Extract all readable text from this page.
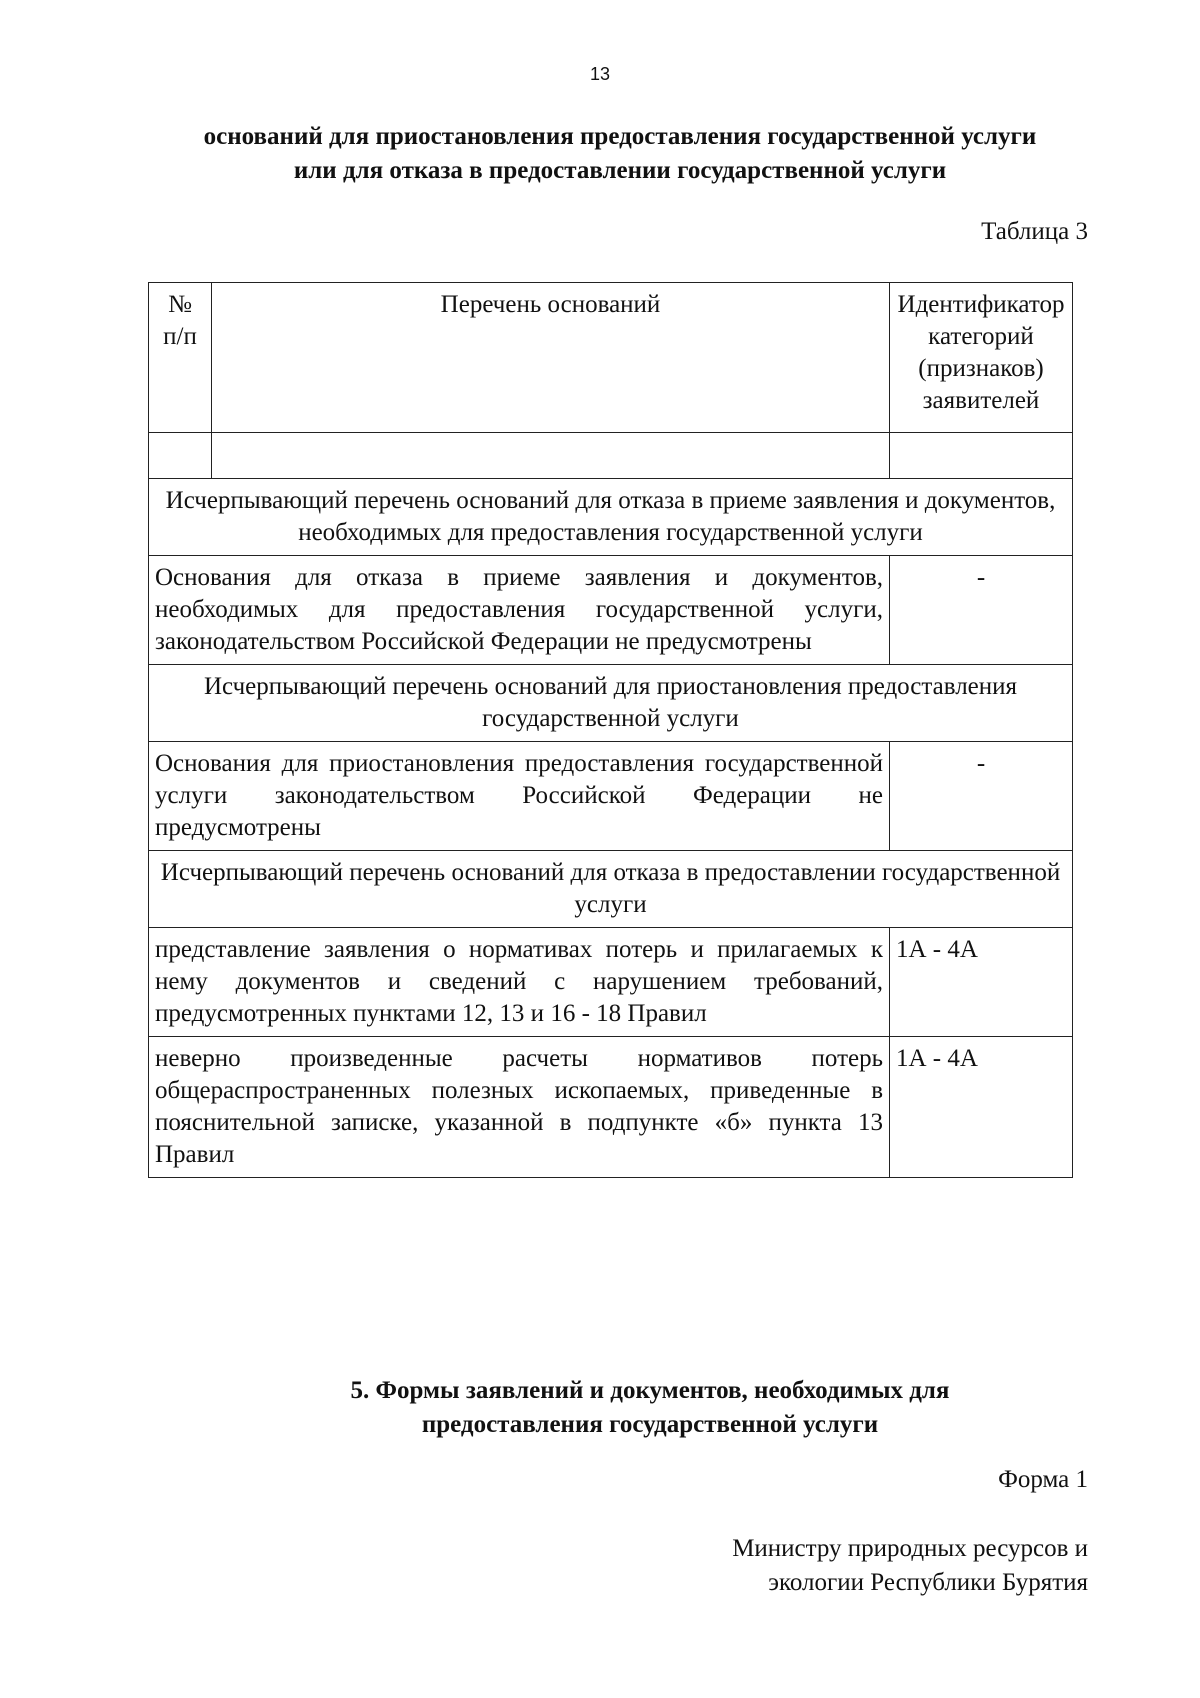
13
оснований для приостановления предоставления государственной услуги
или для отказа в предоставлении государственной услуги
Таблица 3
№ п/п	Перечень оснований	Идентификатор категорий (признаков) заявителей

Исчерпывающий перечень оснований для отказа в приеме заявления и документов, необходимых для предоставления государственной услуги		
Основания для отказа в приеме заявления и документов, необходимых для предоставления государственной услуги, законодательством Российской Федерации не предусмотрены		-
Исчерпывающий перечень оснований для приостановления предоставления государственной услуги		
Основания для приостановления предоставления государственной услуги законодательством Российской Федерации не предусмотрены		-
Исчерпывающий перечень оснований для отказа в предоставлении государственной услуги		
представление заявления о нормативах потерь и прилагаемых к нему документов и сведений с нарушением требований, предусмотренных пунктами 12, 13 и 16 - 18 Правил		1А - 4А
неверно произведенные расчеты нормативов потерь общераспространенных полезных ископаемых, приведенные в пояснительной записке, указанной в подпункте «б» пункта 13 Правил		1А - 4А
5. Формы заявлений и документов, необходимых для
предоставления государственной услуги
Форма 1
Министру природных ресурсов и
экологии Республики Бурятия
